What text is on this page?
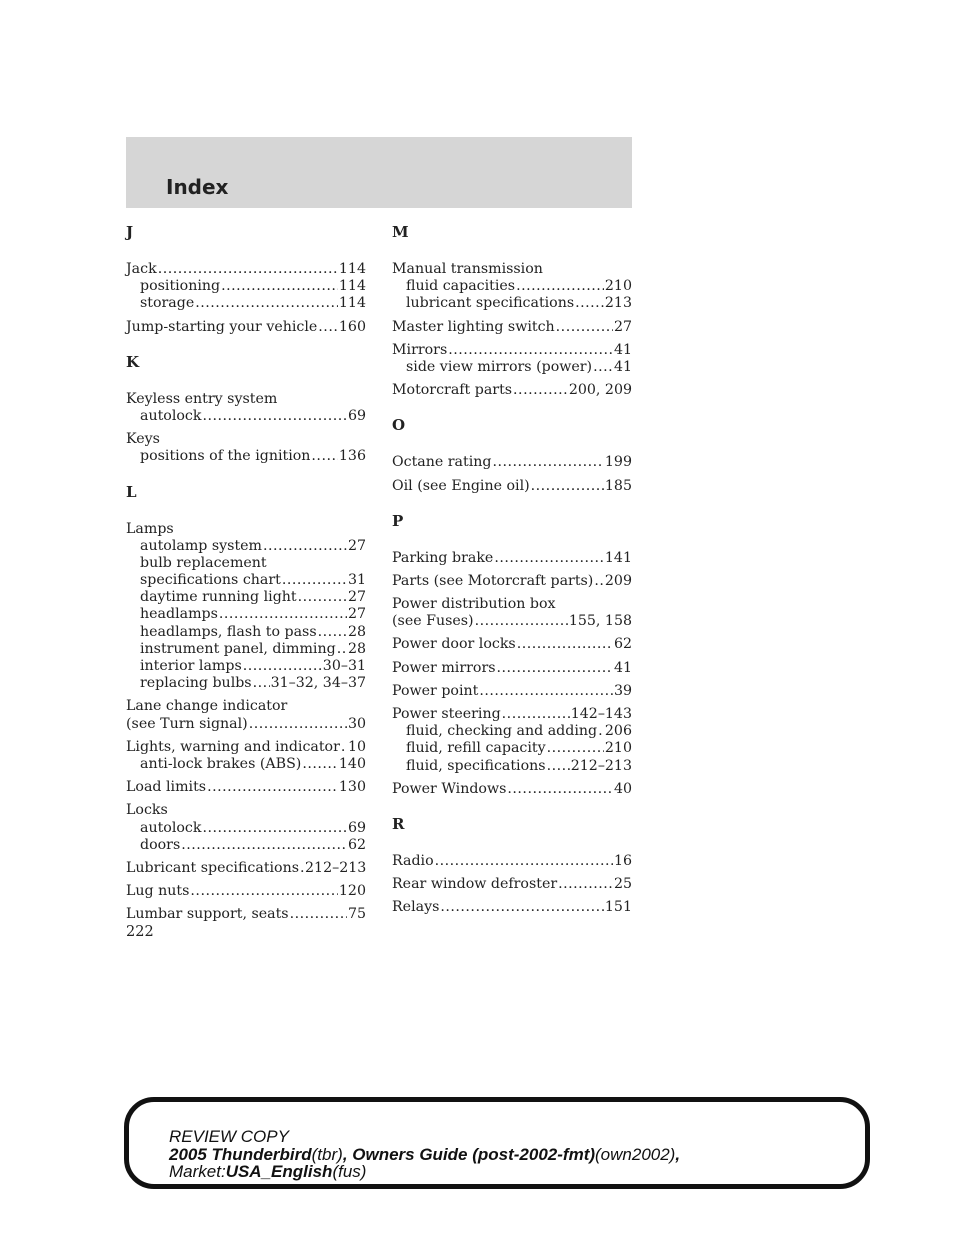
Index
J
Jack .....	114
positioning .....	114
storage .....	114
Jump-starting your vehicle ..... 160
K
Keyless entry system
autolock .....	69
Keys
positions of the ignition ..... 136
L
Lamps
autolamp system .....	27
bulb replacement
specifications chart .....	31
daytime running light .....	27
headlamps .....	27
headlamps, flash to pass ..... 28
instrument panel, dimming ..... 28
interior lamps .....	30–31
replacing bulbs ..... 31–32, 34–37
Lane change indicator
(see Turn signal) .....	30
Lights, warning and indicator ..... 10
anti-lock brakes (ABS) .....	140
Load limits .....	130
Locks
autolock .....	69
doors .....	62
Lubricant specifications ..... 212–213
Lug nuts .....	120
Lumbar support, seats .....	75
M
Manual transmission
fluid capacities .....	210
lubricant specifications ..... 213
Master lighting switch .....	27
Mirrors .....	41
side view mirrors (power) ..... 41
Motorcraft parts .....	200, 209
O
Octane rating .....	199
Oil (see Engine oil) .....	185
P
Parking brake .....	141
Parts (see Motorcraft parts) ..... 209
Power distribution box
(see Fuses) .....	155, 158
Power door locks .....	62
Power mirrors .....	41
Power point .....	39
Power steering .....	142–143
fluid, checking and adding ..... 206
fluid, refill capacity .....	210
fluid, specifications ..... 212–213
Power Windows .....	40
R
Radio .....	16
Rear window defroster .....	25
Relays .....	151
222
REVIEW COPY
2005 Thunderbird(tbr), Owners Guide (post-2002-fmt)(own2002),
Market:USA_English(fus)
